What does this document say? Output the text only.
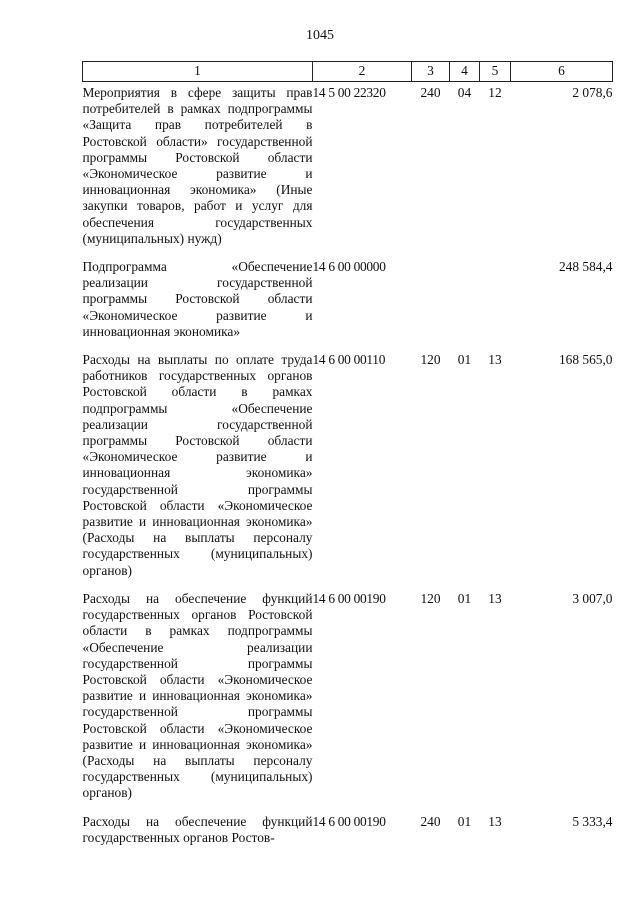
1045
1	2	3	4	5	6
Мероприятия в сфере защиты прав потребителей в рамках подпрограммы «Защита прав потребителей в Ростовской области» государственной программы Ростовской области «Экономическое развитие и инновационная экономика» (Иные закупки товаров, работ и услуг для обеспечения государственных (муниципальных) нужд)	14 5 00 22320	240	04	12	2 078,6
Подпрограмма «Обеспечение реализации государственной программы Ростовской области «Экономическое развитие и инновационная экономика»	14 6 00 00000				248 584,4
Расходы на выплаты по оплате труда работников государственных органов Ростовской области в рамках подпрограммы «Обеспечение реализации государственной программы Ростовской области «Экономическое развитие и инновационная экономика» государственной программы Ростовской области «Экономическое развитие и инновационная экономика» (Расходы на выплаты персоналу государственных (муниципальных) органов)	14 6 00 00110	120	01	13	168 565,0
Расходы на обеспечение функций государственных органов Ростовской области в рамках подпрограммы «Обеспечение реализации государственной программы Ростовской области «Экономическое развитие и инновационная экономика» государственной программы Ростовской области «Экономическое развитие и инновационная экономика» (Расходы на выплаты персоналу государственных (муниципальных) органов)	14 6 00 00190	120	01	13	3 007,0
Расходы на обеспечение функций государственных органов Ростов-	14 6 00 00190	240	01	13	5 333,4
